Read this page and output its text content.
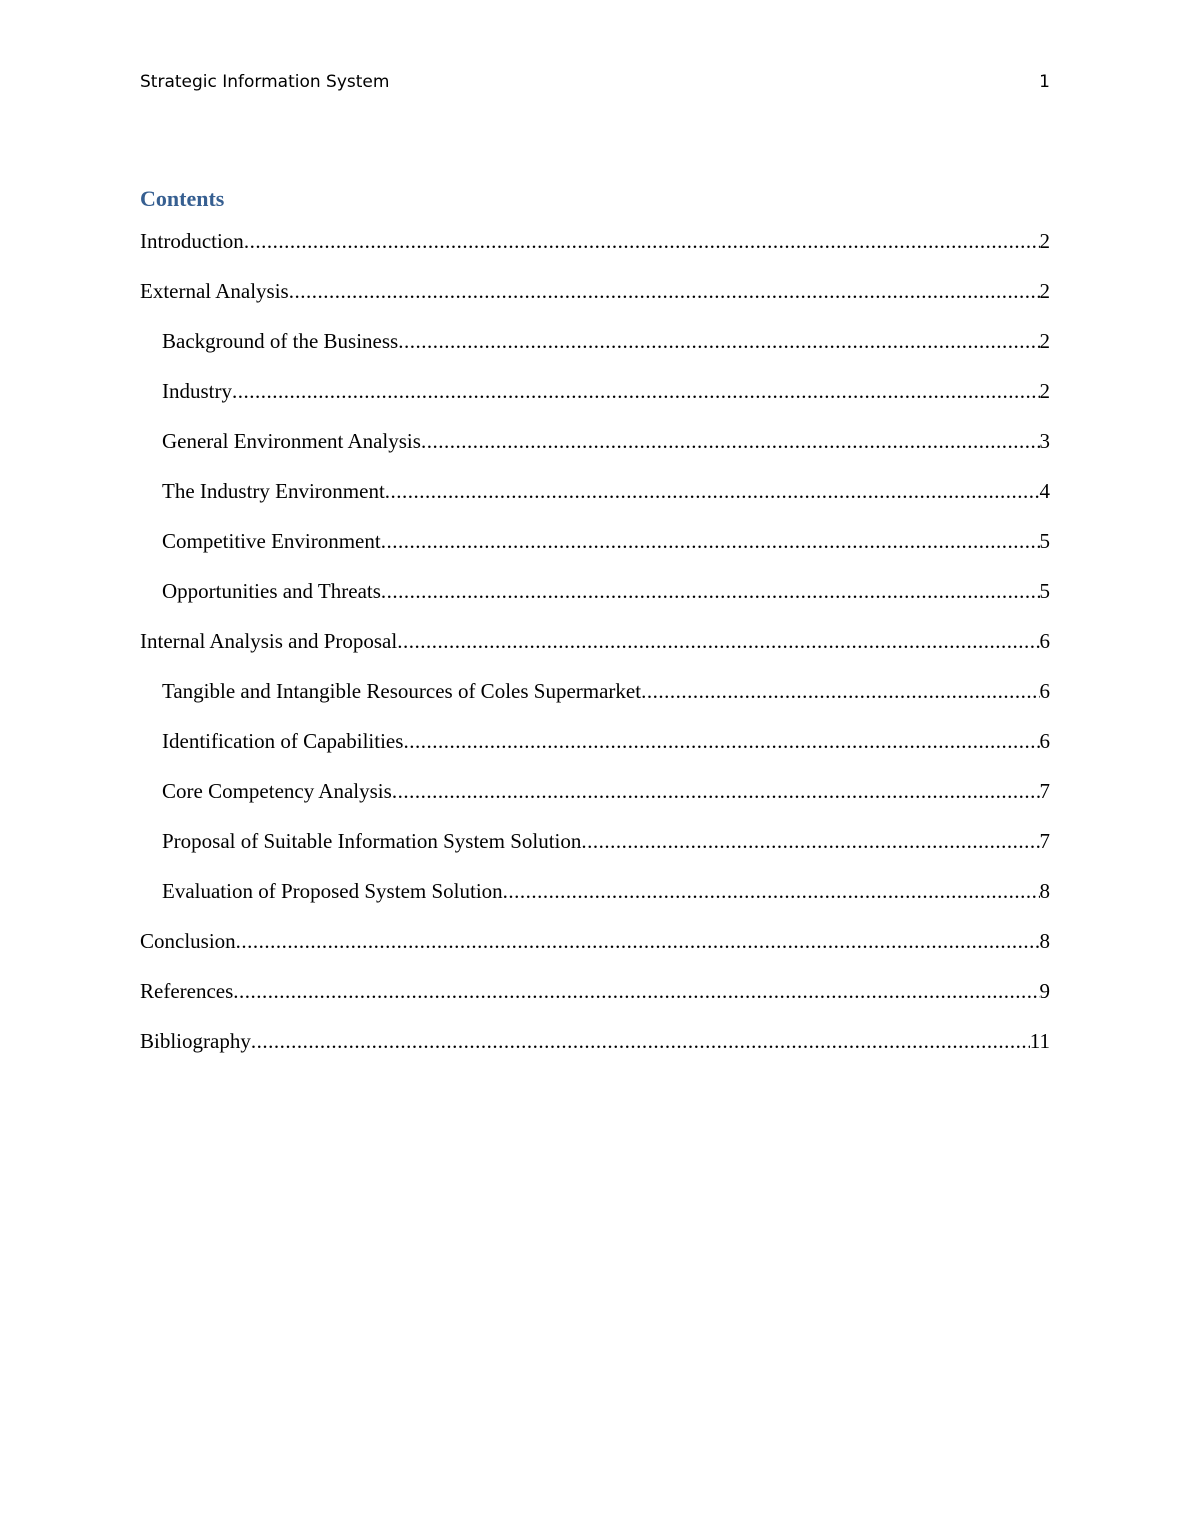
Strategic Information System	1
Contents
Introduction .....	2
External Analysis .....	2
Background of the Business .....	2
Industry .....	2
General Environment Analysis .....	3
The Industry Environment .....	4
Competitive Environment .....	5
Opportunities and Threats .....	5
Internal Analysis and Proposal .....	6
Tangible and Intangible Resources of Coles Supermarket .....	6
Identification of Capabilities .....	6
Core Competency Analysis .....	7
Proposal of Suitable Information System Solution .....	7
Evaluation of Proposed System Solution .....	8
Conclusion .....	8
References .....	9
Bibliography .....	11
